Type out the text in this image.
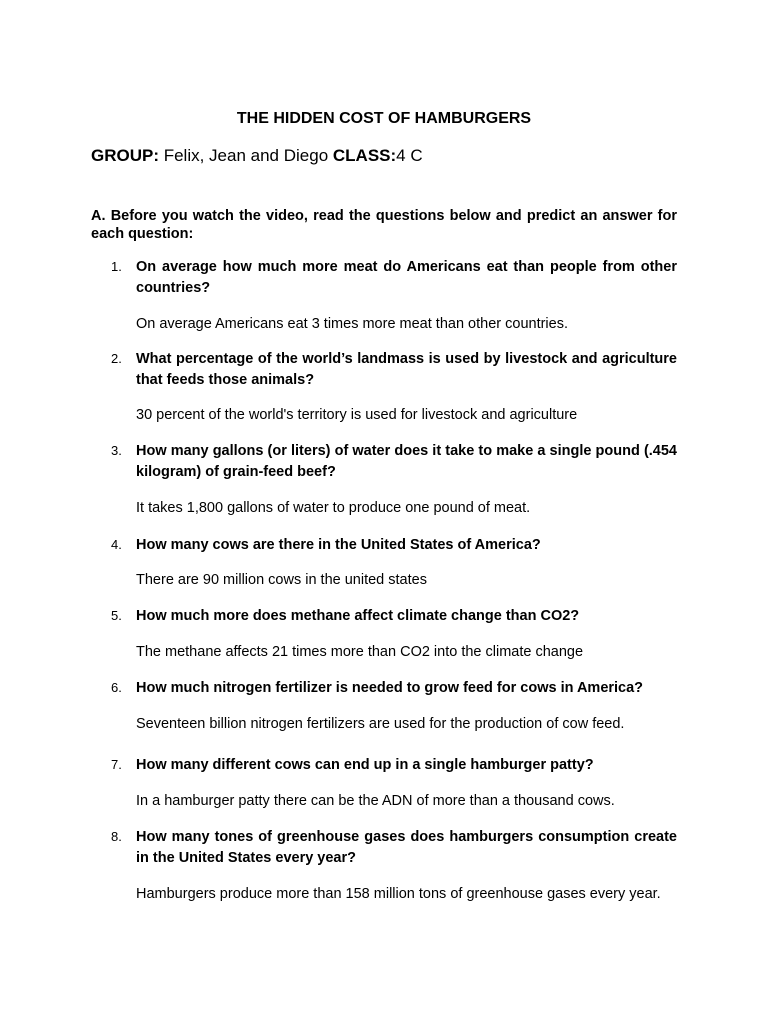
THE HIDDEN COST OF HAMBURGERS
GROUP: Felix, Jean and Diego CLASS:4 C
A. Before you watch the video, read the questions below and predict an answer for each question:
1. On average how much more meat do Americans eat than people from other countries?
On average Americans eat 3 times more meat than other countries.
2. What percentage of the world’s landmass is used by livestock and agriculture that feeds those animals?
30 percent of the world's territory is used for livestock and agriculture
3. How many gallons (or liters) of water does it take to make a single pound (.454 kilogram) of grain-feed beef?
It takes 1,800 gallons of water to produce one pound of meat.
4. How many cows are there in the United States of America?
There are 90 million cows in the united states
5. How much more does methane affect climate change than CO2?
The methane affects 21 times more than CO2 into the climate change
6. How much nitrogen fertilizer is needed to grow feed for cows in America?
Seventeen billion nitrogen fertilizers are used for the production of cow feed.
7. How many different cows can end up in a single hamburger patty?
In a hamburger patty there can be the ADN of more than a thousand cows.
8. How many tones of greenhouse gases does hamburgers consumption create in the United States every year?
Hamburgers produce more than 158 million tons of greenhouse gases every year.
